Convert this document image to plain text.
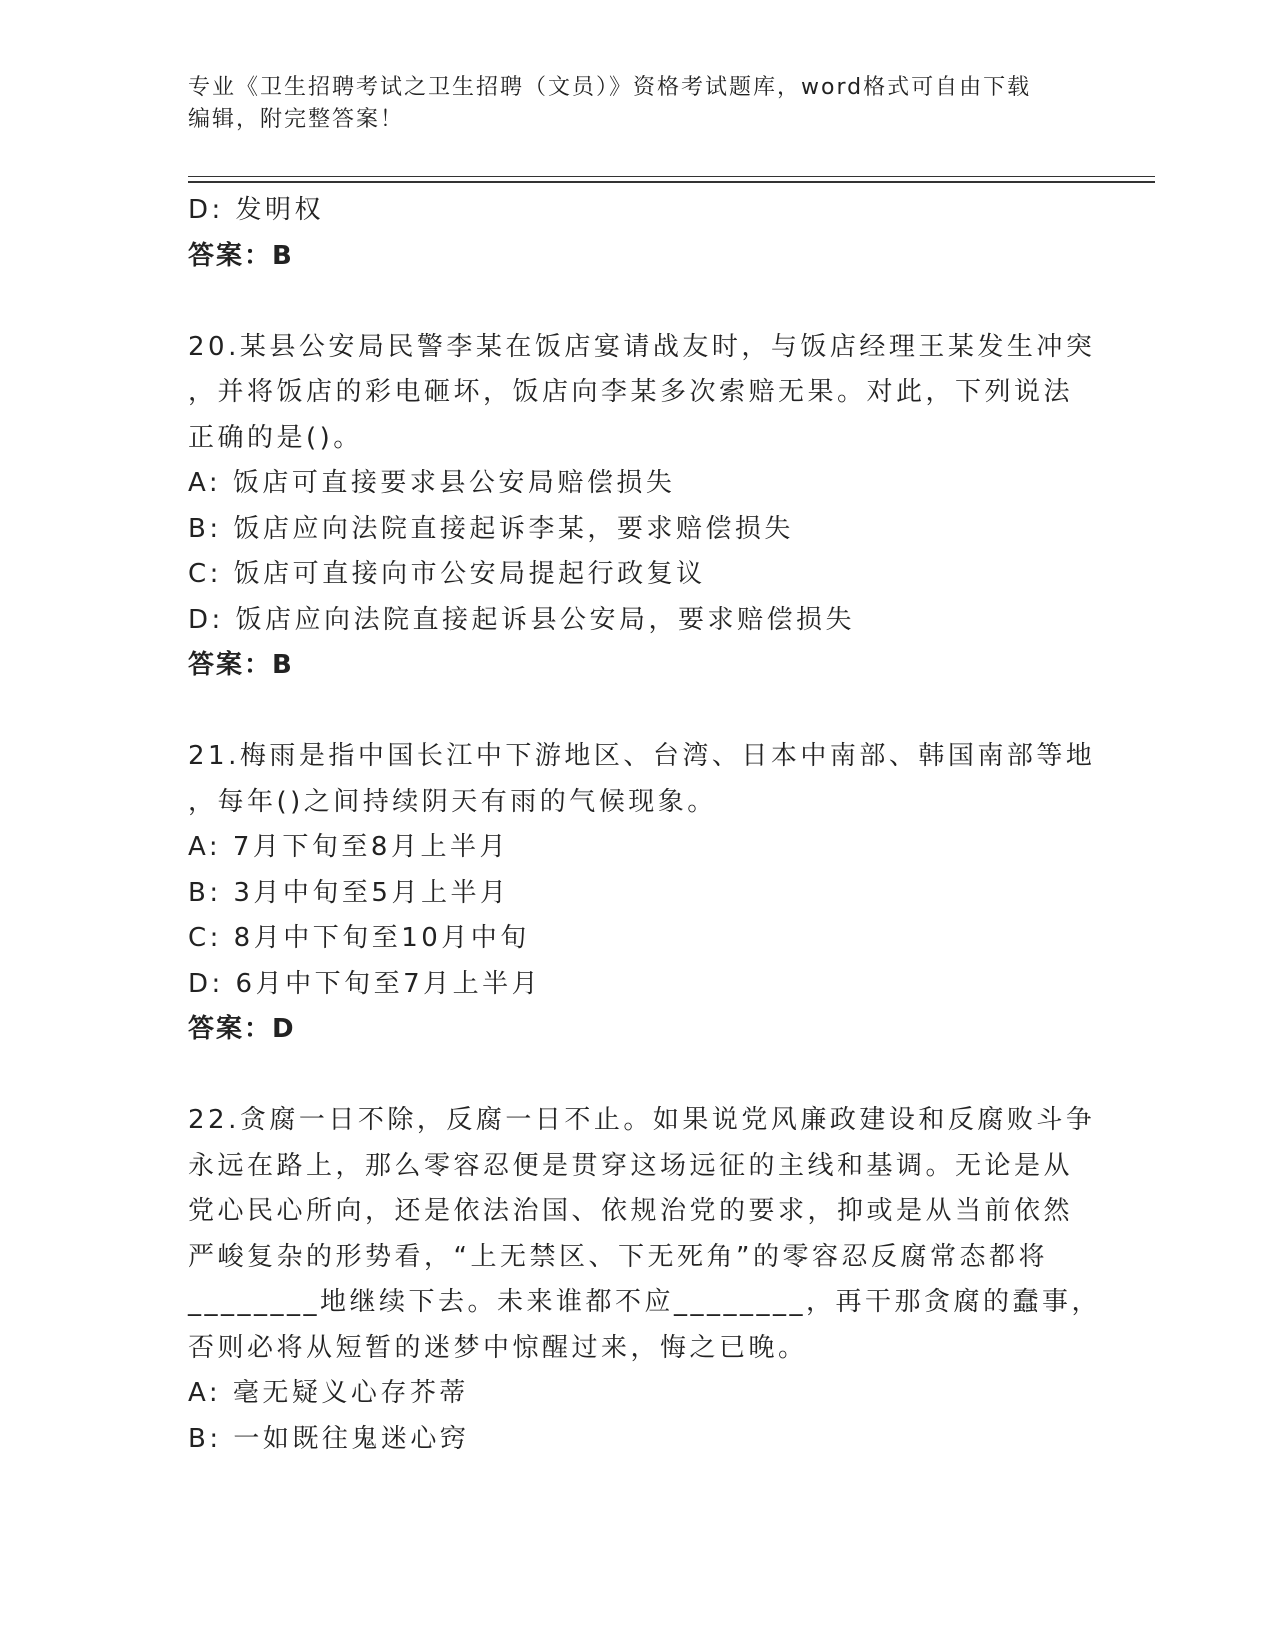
专业《卫生招聘考试之卫生招聘（文员）》资格考试题库，word格式可自由下载
编辑，附完整答案！
D: 发明权
答案：B
20.某县公安局民警李某在饭店宴请战友时，与饭店经理王某发生冲突
，并将饭店的彩电砸坏，饭店向李某多次索赔无果。对此，下列说法
正确的是()。
A: 饭店可直接要求县公安局赔偿损失
B: 饭店应向法院直接起诉李某，要求赔偿损失
C: 饭店可直接向市公安局提起行政复议
D: 饭店应向法院直接起诉县公安局，要求赔偿损失
答案：B
21.梅雨是指中国长江中下游地区、台湾、日本中南部、韩国南部等地
，每年()之间持续阴天有雨的气候现象。
A: 7月下旬至8月上半月
B: 3月中旬至5月上半月
C: 8月中下旬至10月中旬
D: 6月中下旬至7月上半月
答案：D
22.贪腐一日不除，反腐一日不止。如果说党风廉政建设和反腐败斗争
永远在路上，那么零容忍便是贯穿这场远征的主线和基调。无论是从
党心民心所向，还是依法治国、依规治党的要求，抑或是从当前依然
严峻复杂的形势看，“上无禁区、下无死角”的零容忍反腐常态都将
________地继续下去。未来谁都不应________，再干那贪腐的蠢事，
否则必将从短暂的迷梦中惊醒过来，悔之已晚。
A: 毫无疑义心存芥蒂
B: 一如既往鬼迷心窍
